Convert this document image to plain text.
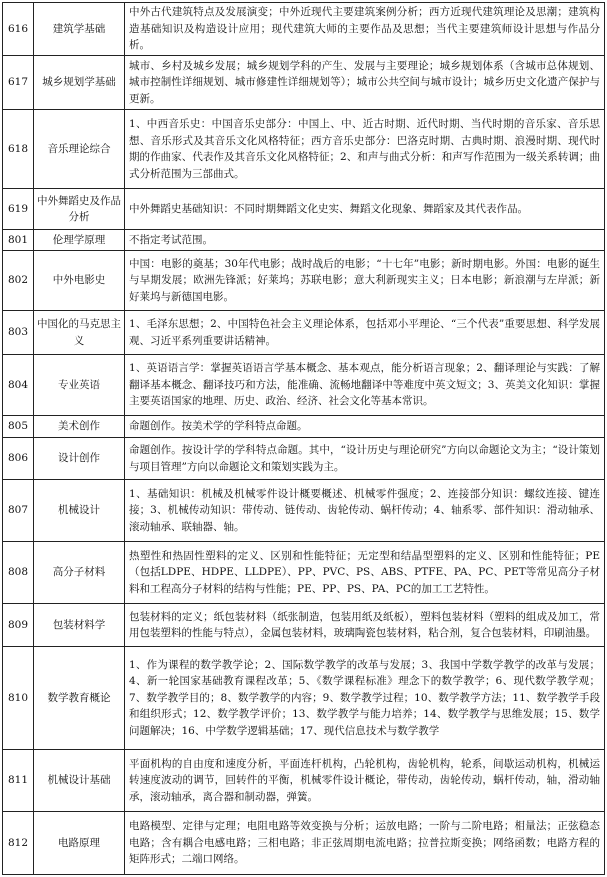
616	建筑学基础	中外古代建筑特点及发展演变；中外近现代主要建筑案例分析；西方近现代建筑理论及思潮；建筑构造基础知识及构造设计应用；现代建筑大师的主要作品及思想；当代主要建筑师设计思想与作品分析。
617	城乡规划学基础	城市、乡村及城乡发展；城乡规划学科的产生、发展与主要理论；城乡规划体系（含城市总体规划、城市控制性详细规划、城市修建性详细规划等）；城市公共空间与城市设计；城乡历史文化遗产保护与更新。
618	音乐理论综合	1、中西音乐史：中国音乐史部分：中国上、中、近古时期、近代时期、当代时期的音乐家、音乐思想、音乐形式及其音乐文化风格特征；西方音乐史部分：巴洛克时期、古典时期、浪漫时期、现代时期的作曲家、代表作及其音乐文化风格特征；2、和声与曲式分析：和声写作范围为一级关系转调；曲式分析范围为三部曲式。
619	中外舞蹈史及作品分析	中外舞蹈史基础知识：不同时期舞蹈文化史实、舞蹈文化现象、舞蹈家及其代表作品。
801	伦理学原理	不指定考试范围。
802	中外电影史	中国：电影的奠基；30年代电影；战时战后的电影；“十七年”电影；新时期电影。外国：电影的诞生与早期发展；欧洲先锋派；好莱坞；苏联电影；意大利新现实主义；日本电影；新浪潮与左岸派；新好莱坞与新德国电影。
803	中国化的马克思主义	1、毛泽东思想；2、中国特色社会主义理论体系，包括邓小平理论、“三个代表”重要思想、科学发展观、习近平系列重要讲话精神。
804	专业英语	1、英语语言学：掌握英语语言学基本概念、基本观点，能分析语言现象；2、翻译理论与实践：了解翻译基本概念、翻译技巧和方法，能准确、流畅地翻译中等难度中英文短文；3、英美文化知识：掌握主要英语国家的地理、历史、政治、经济、社会文化等基本常识。
805	美术创作	命题创作。按美术学的学科特点命题。
806	设计创作	命题创作。按设计学的学科特点命题。其中，“设计历史与理论研究”方向以命题论文为主；“设计策划与项目管理”方向以命题论文和策划实践为主。
807	机械设计	1、基础知识：机械及机械零件设计概要概述、机械零件强度；2、连接部分知识：螺纹连接、键连接；3、机械传动知识：带传动、链传动、齿轮传动、蜗杆传动；4、轴系零、部件知识：滑动轴承、滚动轴承、联轴器、轴。
808	高分子材料	热塑性和热固性塑料的定义、区别和性能特征；无定型和结晶型塑料的定义、区别和性能特征；PE（包括LDPE、HDPE、LLDPE）、PP、PVC、PS、ABS、PTFE、PA、PC、PET等常见高分子材料和工程高分子材料的结构与性能；PE、PP、PS、PA、PC的加工工艺特性。
809	包装材料学	包装材料的定义；纸包装材料（纸张制造，包装用纸及纸板），塑料包装材料（塑料的组成及加工，常用包装塑料的性能与特点），金属包装材料，玻璃陶瓷包装材料，粘合剂，复合包装材料，印刷油墨。
810	数学教育概论	1、作为课程的数学教学论；2、国际数学教学的改革与发展；3、我国中学数学教学的改革与发展；4、新一轮国家基础教育课程改革；5、《数学课程标准》理念下的数学教学；6、现代数学教学观；7、数学教学目的；8、数学教学的内容；9、数学教学过程；10、数学教学方法；11、数学教学手段和组织形式；12、数学教学评价；13、数学教学与能力培养；14、数学教学与思维发展；15、数学问题解决；16、中学数学逻辑基础；17、现代信息技术与数学教学
811	机械设计基础	平面机构的自由度和速度分析，平面连杆机构，凸轮机构，齿轮机构，轮系，间歇运动机构，机械运转速度波动的调节，回转件的平衡，机械零件设计概论，带传动，齿轮传动，蜗杆传动，轴，滑动轴承，滚动轴承，离合器和制动器，弹簧。
812	电路原理	电路模型、定律与定理；电阻电路等效变换与分析；运放电路；一阶与二阶电路；相量法；正弦稳态电路；含有耦合电感电路；三相电路；非正弦周期电流电路；拉普拉斯变换；网络函数；电路方程的矩阵形式；二端口网络。
